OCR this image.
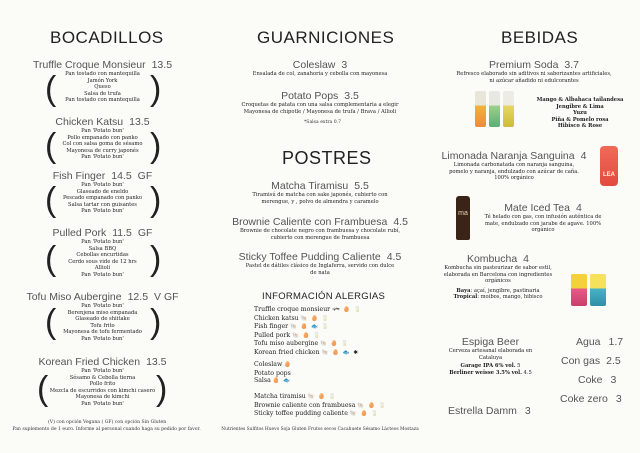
BOCADILLOS
Truffle Croque Monsieur 13.5
Pan tostado con mantequilla
Jamón York
Queso
Salsa de trufa
Pan tostado con mantequilla
(	)
Chicken Katsu 13.5
Pan 'Potato bun'
Pollo empanado con panko
Col con salsa goma de sésamo
Mayonesa de curry japonés
Pan 'Potato bun'
(	)
Fish Finger 14.5 GF
Pan 'Potato bun'
Glaseado de eneldo
Pescado empanado con panko
Salsa tartar con guisantes
Pan 'Potato bun'
(	)
Pulled Pork 11.5 GF
Pan 'Potato bun'
Salsa BBQ
Cebollas encurtidas
Cerdo sous vide de 12 hrs
Allioli
Pan 'Potato bun'
(	)
Tofu Miso Aubergine 12.5 V GF
Pan 'Potato bun'
Berenjena miso empanada
Glaseado de shiitake
Tofu frito
Mayonesa de tofu fermentado
Pan 'Potato bun'
(	)
Korean Fried Chicken 13.5
Pan 'Potato bun'
Sésamo & Cebolla tierna
Pollo frito
Mezcla de escurridos con kimchi casero
Mayonesa de kimchi
Pan 'Potato bun'
(	)
(V) con opción Vegana ( GF) con opción Sin Gluten
Pan suplemento de 1 euro. Informe al personal cuando haga su pedido por favor.
GUARNICIONES
Coleslaw 3
Ensalada de col, zanahoria y cebolla con mayonesa
Potato Pops 3.5
Croquetas de patata con una salsa complementaria a elegir
Mayonesa de chipotle / Mayonesa de trufa / Brava / Allioli
*Salsa extra 0.7
POSTRES
Matcha Tiramisu 5.5
Tiramisú de matcha con sake japonés, cubierto con
merengue, y , polvo de almendra y caramelo
Brownie Caliente con Frambuesa 4.5
Brownie de chocolate negro con frambuesa y chocolate rubí,
cubierto con merengue de frambuesa
Sticky Toffee Pudding Caliente 4.5
Pastel de dátiles clásico de Inglaferra, servido con dulce
de nata
INFORMACIÓN ALERGIAS
Truffle croque monsieur 𓆟 🥚 🥛
Chicken katsu 🐚 🥚 🥛
Fish finger 🐚 🥚 🐟 🥛
Pulled pork 🐚 🥚 🥛
Tofu miso aubergine 🐚 🥚 🥛
Korean fried chicken 🐚 🥚 🐟 ✱
Coleslaw 🥚
Potato pops
Salsa 🥚 🐟
Matcha tiramisu 🐚 🥚 🥛
Brownie caliente con frambuesa 🐚 🥚 🥛
Sticky toffee pudding caliente 🐚 🥚 🥛
Nutrientes Sulfitos Huevo Soja Gluten Frutos secos Cacahuete Sésamo Lácteos Mostaza
BEBIDAS
Premium Soda 3.7
Refresco elaborado sin aditivos ni saborizantes artificiales,
ni azúcar añadido ni edulcorantes
Mango & Albahaca tailandesa
Jengibre & Lima
Yuzu
Piña & Pomelo rosa
Hibisco & Rose
Limonada Naranja Sanguina 4
Limonada carbonatada con naranja sanguina,
pomelo y naranja, endulzado con azúcar de caña.
100% orgánico
LEA
Mate Iced Tea 4
Té helado con gas, con infusión auténtica de
mate, endulzado con jarabe de agave. 100%
orgánico
ma
Kombucha 4
Kombucha sin pasteurizar de sabor estil,
elaborada en Barcelona con ingredientes
orgánicos
Baya: açaí, jengibre, pastinaria
Tropical: moibos, mango, hibisco
Espiga Beer
Cerveza artesanal elaborada en
Cataluya
Garage IPA 6% vol. 5
Berliner weisse 3.5% vol. 4.5
Estrella Damm 3
Agua 1.7
Con gas 2.5
Coke 3
Coke zero 3
